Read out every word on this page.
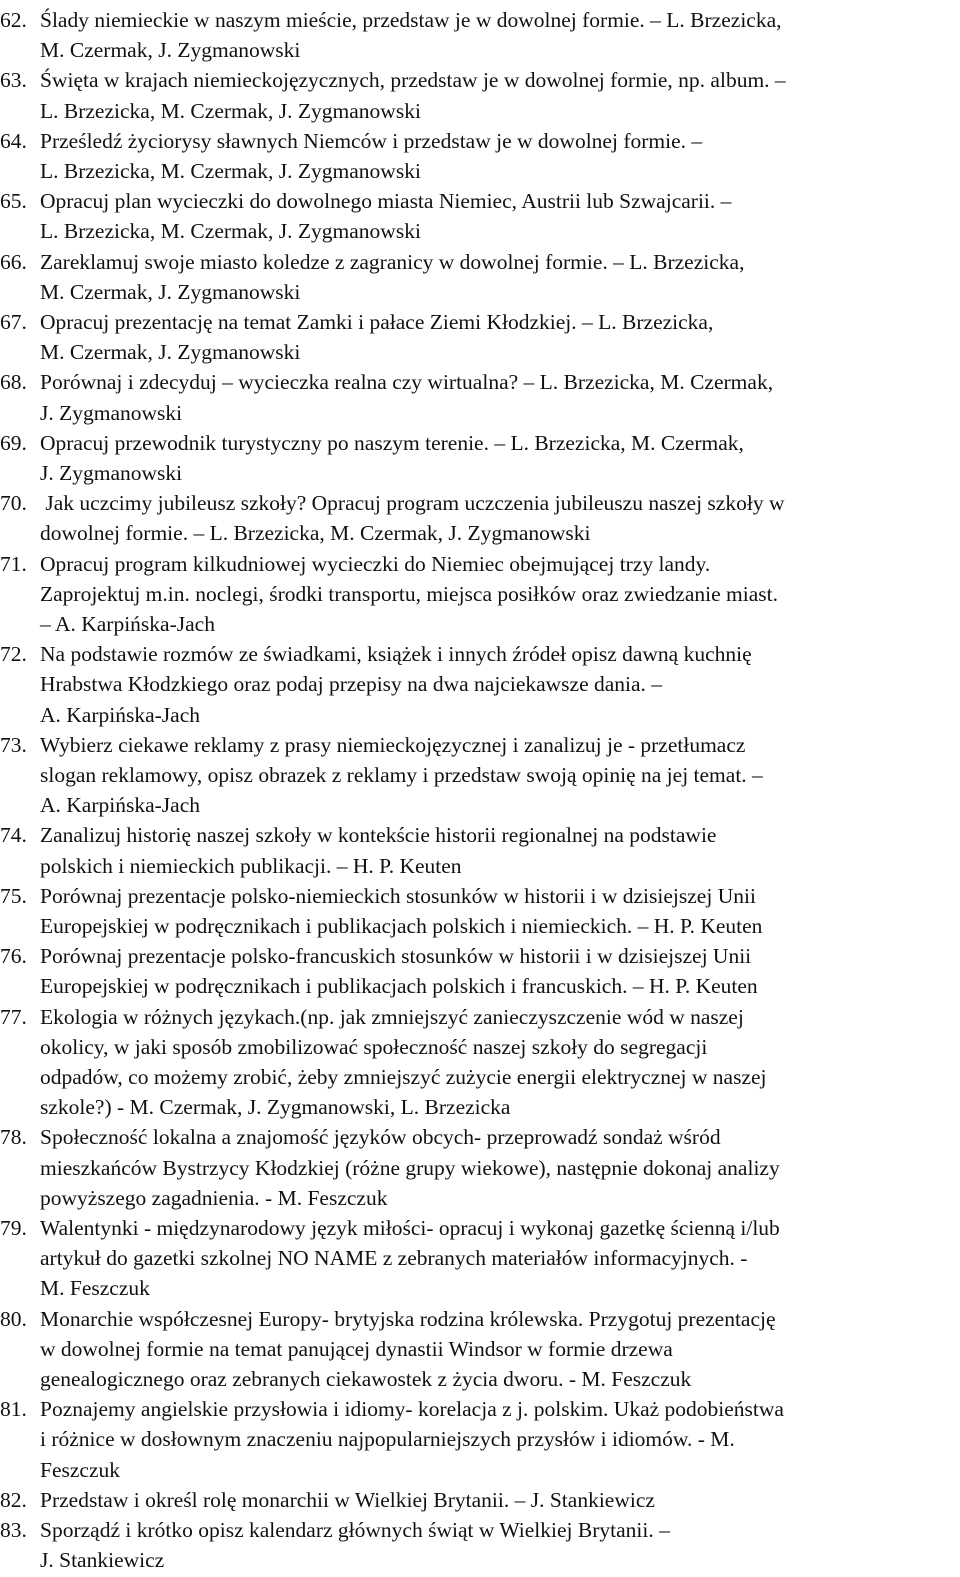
62. Ślady niemieckie w naszym mieście, przedstaw je w dowolnej formie. – L. Brzezicka,
M. Czermak, J. Zygmanowski
63. Święta w krajach niemieckojęzycznych, przedstaw je w dowolnej formie, np. album. –
L. Brzezicka, M. Czermak, J. Zygmanowski
64. Prześledź życiorysy sławnych Niemców i przedstaw je w dowolnej formie. –
L. Brzezicka, M. Czermak, J. Zygmanowski
65. Opracuj plan wycieczki do dowolnego miasta Niemiec, Austrii lub Szwajcarii. –
L. Brzezicka, M. Czermak, J. Zygmanowski
66. Zareklamuj swoje miasto koledze z zagranicy w dowolnej formie. – L. Brzezicka,
M. Czermak, J. Zygmanowski
67. Opracuj prezentację na temat Zamki i pałace Ziemi Kłodzkiej. – L. Brzezicka,
M. Czermak, J. Zygmanowski
68. Porównaj i zdecyduj – wycieczka realna czy wirtualna? – L. Brzezicka, M. Czermak,
J. Zygmanowski
69. Opracuj przewodnik turystyczny po naszym terenie. – L. Brzezicka, M. Czermak,
J. Zygmanowski
70. Jak uczcimy jubileusz szkoły? Opracuj program uczczenia jubileuszu naszej szkoły w
dowolnej formie. – L. Brzezicka, M. Czermak, J. Zygmanowski
71. Opracuj program kilkudniowej wycieczki do Niemiec obejmującej trzy landy.
Zaprojektuj m.in. noclegi, środki transportu, miejsca posiłków oraz zwiedzanie miast.
– A. Karpińska-Jach
72. Na podstawie rozmów ze świadkami, książek i innych źródeł opisz dawną kuchnię
Hrabstwa Kłodzkiego oraz podaj przepisy na dwa najciekawsze dania. –
A. Karpińska-Jach
73. Wybierz ciekawe reklamy z prasy niemieckojęzycznej i zanalizuj je - przetłumacz
slogan reklamowy, opisz obrazek z reklamy i przedstaw swoją opinię na jej temat. –
A. Karpińska-Jach
74. Zanalizuj historię naszej szkoły w kontekście historii regionalnej na podstawie
polskich i niemieckich publikacji. – H. P. Keuten
75. Porównaj prezentacje polsko-niemieckich stosunków w historii i w dzisiejszej Unii
Europejskiej w podręcznikach i publikacjach polskich i niemieckich. – H. P. Keuten
76. Porównaj prezentacje polsko-francuskich stosunków w historii i w dzisiejszej Unii
Europejskiej w podręcznikach i publikacjach polskich i francuskich. – H. P. Keuten
77. Ekologia w różnych językach.(np. jak zmniejszyć zanieczyszczenie wód w naszej
okolicy, w jaki sposób zmobilizować społeczność naszej szkoły do segregacji
odpadów, co możemy zrobić, żeby zmniejszyć zużycie energii elektrycznej w naszej
szkole?) - M. Czermak, J. Zygmanowski, L. Brzezicka
78. Społeczność lokalna a znajomość języków obcych- przeprowadź sondaż wśród
mieszkańców Bystrzycy Kłodzkiej (różne grupy wiekowe), następnie dokonaj analizy
powyższego zagadnienia. - M. Feszczuk
79. Walentynki - międzynarodowy język miłości- opracuj i wykonaj gazetkę ścienną i/lub
artykuł do gazetki szkolnej NO NAME z zebranych materiałów informacyjnych. -
M. Feszczuk
80. Monarchie współczesnej Europy- brytyjska rodzina królewska. Przygotuj prezentację
w dowolnej formie na temat panującej dynastii Windsor w formie drzewa
genealogicznego oraz zebranych ciekawostek z życia dworu. - M. Feszczuk
81. Poznajemy angielskie przysłowia i idiomy- korelacja z j. polskim. Ukaż podobieństwa
i różnice w dosłownym znaczeniu najpopularniejszych przysłów i idiomów. - M.
Feszczuk
82. Przedstaw i określ rolę monarchii w Wielkiej Brytanii. – J. Stankiewicz
83. Sporządź i krótko opisz kalendarz głównych świąt w Wielkiej Brytanii. –
J. Stankiewicz
